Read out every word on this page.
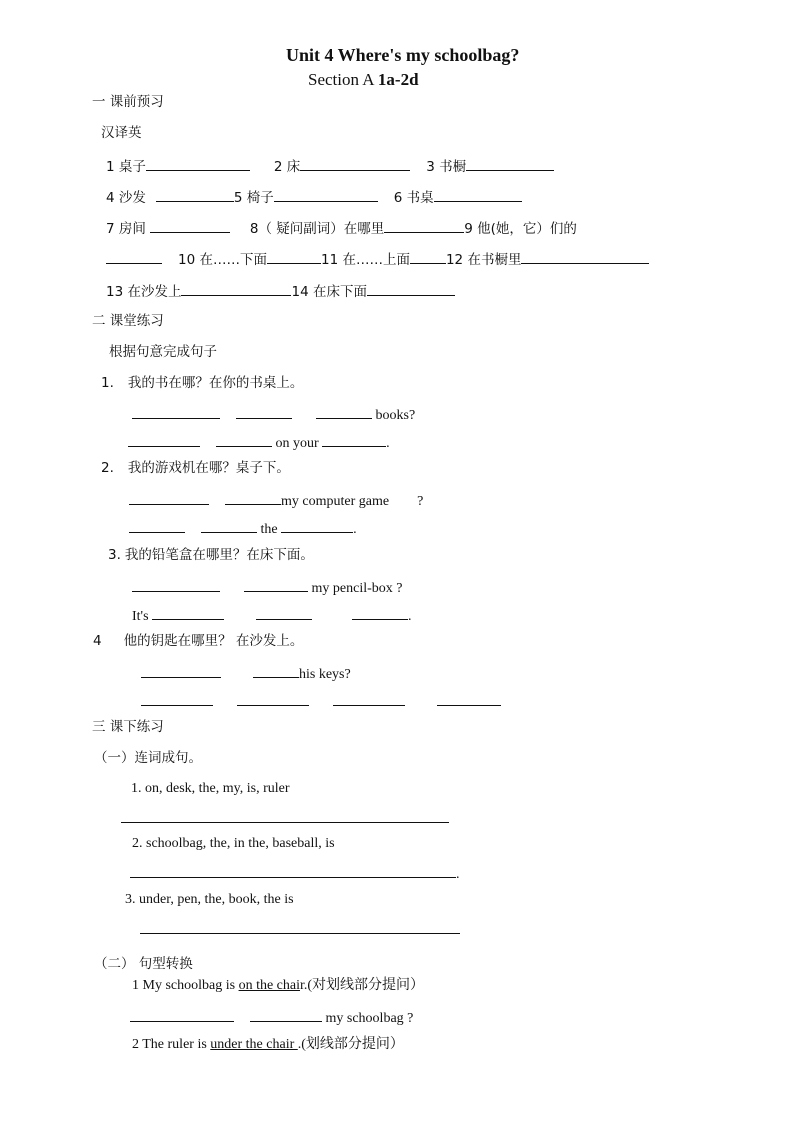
Unit 4 Where's my schoolbag?
Section A 1a-2d
一 课前预习
汉译英
1 桌子	2 床	3 书橱
4 沙发	5 椅子	6 书桌
7 房间	8（ 疑问副词）在哪里	9 他(她，它）们的
10 在……下面	11 在……上面	12 在书橱里
13 在沙发上	14 在床下面
二 课堂练习
根据句意完成句子
1. 我的书在哪？在你的书桌上。
books?
on your	.
2. 我的游戏机在哪？桌子下。
my computer game ?
the	.
3. 我的铅笔盒在哪里？在床下面。
my pencil-box ?
It's	.
4 他的钥匙在哪里？ 在沙发上。
his keys?
三 课下练习
（一）连词成句。
1. on, desk, the, my, is, ruler
2. schoolbag, the, in the, baseball, is
.
3. under, pen, the, book, the is
（二） 句型转换
1 My schoolbag is on the chair.(对划线部分提问）
my schoolbag ?
2 The ruler is under the chair .(划线部分提问）
